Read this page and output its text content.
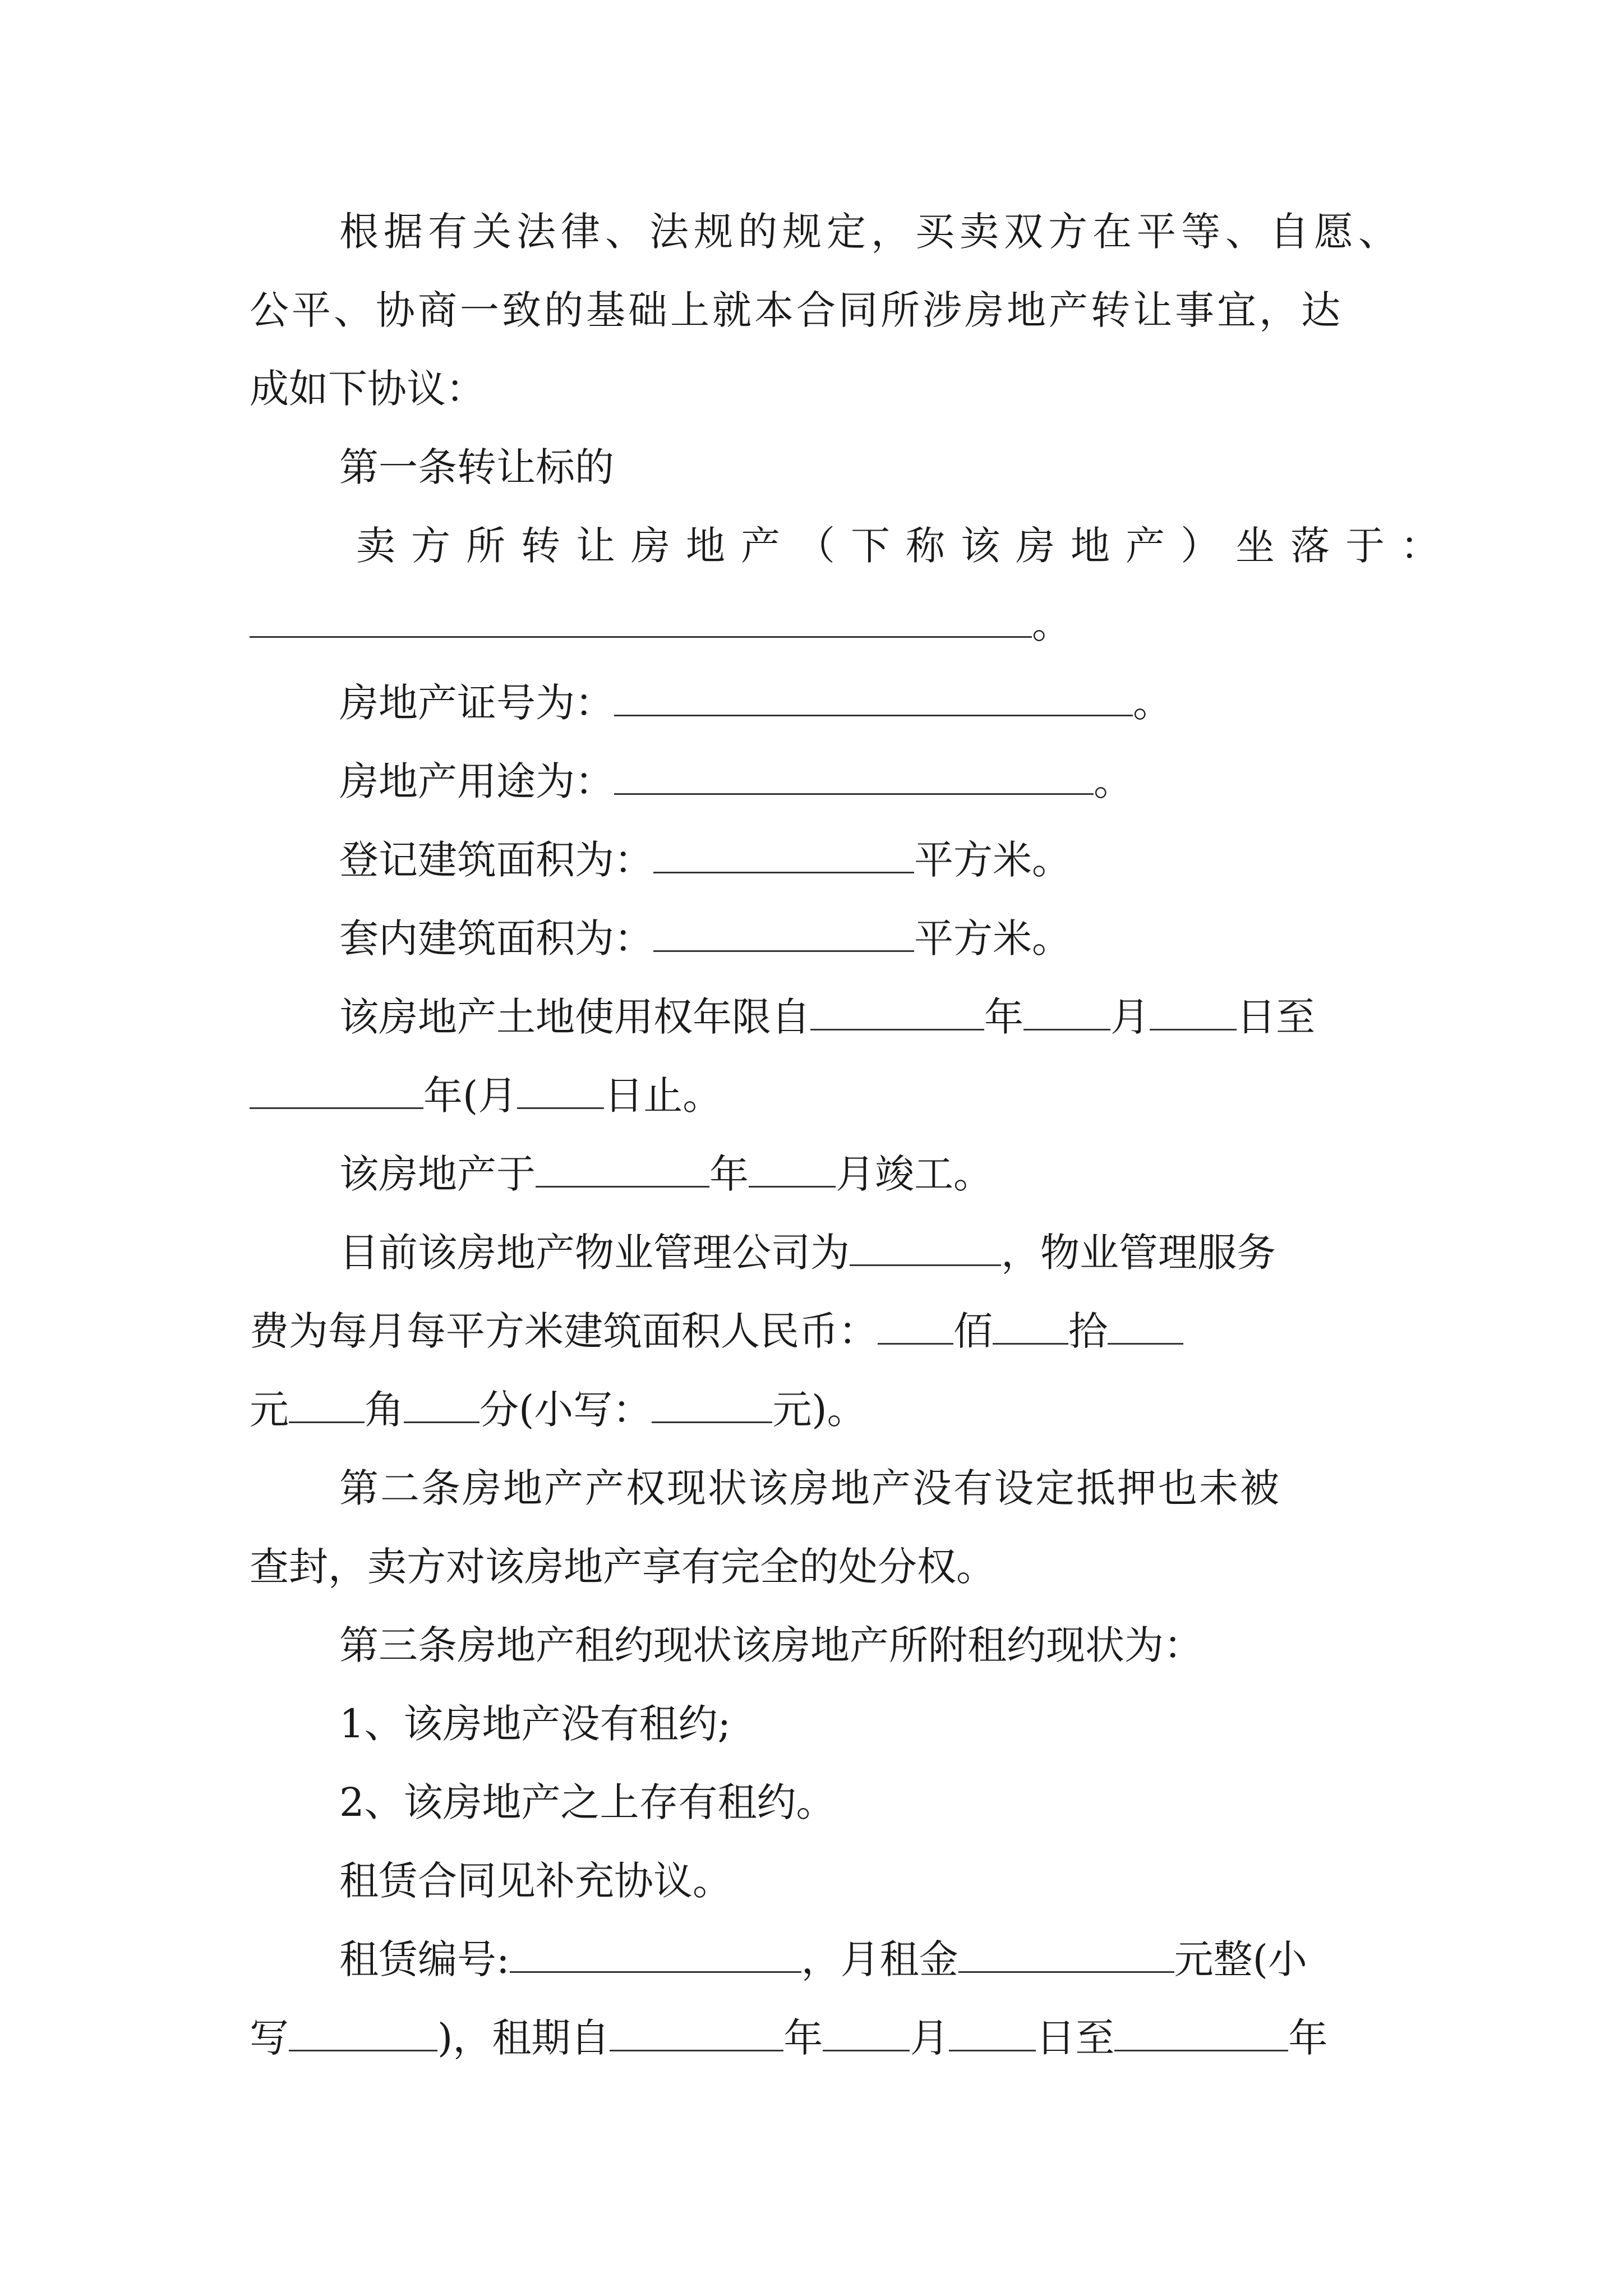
根据有关法律、法规的规定，买卖双方在平等、自愿、
公平、协商一致的基础上就本合同所涉房地产转让事宜，达
成如下协议：
第一条转让标的
卖方所转让房地产（下称该房地产）坐落于：
。
房地产证号为：	。
房地产用途为：	。
登记建筑面积为：	平方米。
套内建筑面积为：	平方米。
该房地产土地使用权年限自	年 月 日至
年(月 日止。
该房地产于	年 月竣工。
目前该房地产物业管理公司为	，物业管理服务
费为每月每平方米建筑面积人民币： 佰 拾
元 角 分(小写：	元)。
第二条房地产产权现状该房地产没有设定抵押也未被
查封，卖方对该房地产享有完全的处分权。
第三条房地产租约现状该房地产所附租约现状为：
1、该房地产没有租约;
2、该房地产之上存有租约。
租赁合同见补充协议。
租赁编号:	，月租金	元整(小
写	)，租期自	年 月 日至	年
